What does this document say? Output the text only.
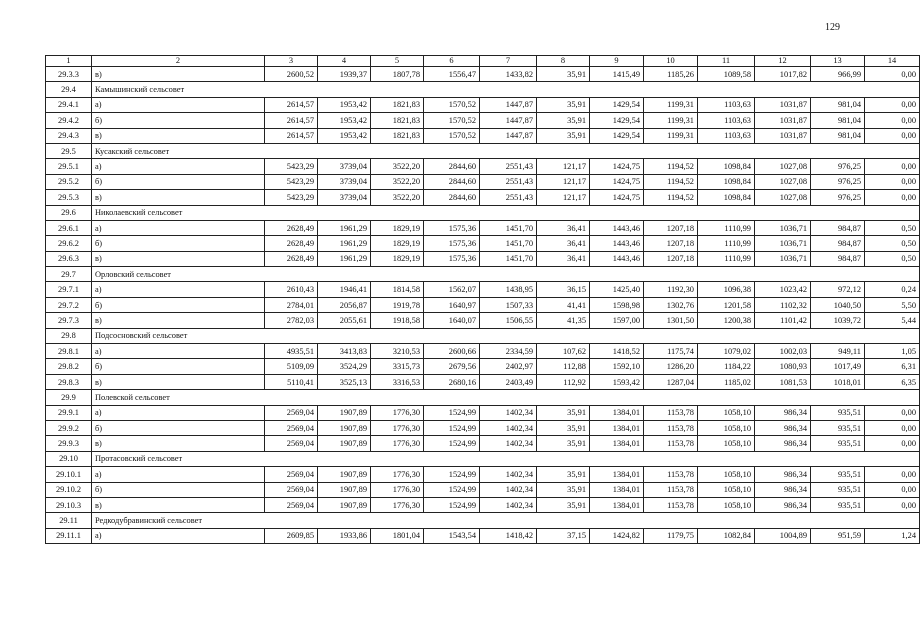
129
1	2	3	4	5	6	7	8	9	10	11	12	13	14
29.3.3	в)	2600,52	1939,37	1807,78	1556,47	1433,82	35,91	1415,49	1185,26	1089,58	1017,82	966,99	0,00
29.4	Камышинский сельсовет												
29.4.1	а)	2614,57	1953,42	1821,83	1570,52	1447,87	35,91	1429,54	1199,31	1103,63	1031,87	981,04	0,00
29.4.2	б)	2614,57	1953,42	1821,83	1570,52	1447,87	35,91	1429,54	1199,31	1103,63	1031,87	981,04	0,00
29.4.3	в)	2614,57	1953,42	1821,83	1570,52	1447,87	35,91	1429,54	1199,31	1103,63	1031,87	981,04	0,00
29.5	Кусакский сельсовет												
29.5.1	а)	5423,29	3739,04	3522,20	2844,60	2551,43	121,17	1424,75	1194,52	1098,84	1027,08	976,25	0,00
29.5.2	б)	5423,29	3739,04	3522,20	2844,60	2551,43	121,17	1424,75	1194,52	1098,84	1027,08	976,25	0,00
29.5.3	в)	5423,29	3739,04	3522,20	2844,60	2551,43	121,17	1424,75	1194,52	1098,84	1027,08	976,25	0,00
29.6	Николаевский сельсовет												
29.6.1	а)	2628,49	1961,29	1829,19	1575,36	1451,70	36,41	1443,46	1207,18	1110,99	1036,71	984,87	0,50
29.6.2	б)	2628,49	1961,29	1829,19	1575,36	1451,70	36,41	1443,46	1207,18	1110,99	1036,71	984,87	0,50
29.6.3	в)	2628,49	1961,29	1829,19	1575,36	1451,70	36,41	1443,46	1207,18	1110,99	1036,71	984,87	0,50
29.7	Орловский сельсовет												
29.7.1	а)	2610,43	1946,41	1814,58	1562,07	1438,95	36,15	1425,40	1192,30	1096,38	1023,42	972,12	0,24
29.7.2	б)	2784,01	2056,87	1919,78	1640,97	1507,33	41,41	1598,98	1302,76	1201,58	1102,32	1040,50	5,50
29.7.3	в)	2782,03	2055,61	1918,58	1640,07	1506,55	41,35	1597,00	1301,50	1200,38	1101,42	1039,72	5,44
29.8	Подсосновский сельсовет												
29.8.1	а)	4935,51	3413,83	3210,53	2600,66	2334,59	107,62	1418,52	1175,74	1079,02	1002,03	949,11	1,05
29.8.2	б)	5109,09	3524,29	3315,73	2679,56	2402,97	112,88	1592,10	1286,20	1184,22	1080,93	1017,49	6,31
29.8.3	в)	5110,41	3525,13	3316,53	2680,16	2403,49	112,92	1593,42	1287,04	1185,02	1081,53	1018,01	6,35
29.9	Полевской сельсовет												
29.9.1	а)	2569,04	1907,89	1776,30	1524,99	1402,34	35,91	1384,01	1153,78	1058,10	986,34	935,51	0,00
29.9.2	б)	2569,04	1907,89	1776,30	1524,99	1402,34	35,91	1384,01	1153,78	1058,10	986,34	935,51	0,00
29.9.3	в)	2569,04	1907,89	1776,30	1524,99	1402,34	35,91	1384,01	1153,78	1058,10	986,34	935,51	0,00
29.10	Протасовский сельсовет												
29.10.1	а)	2569,04	1907,89	1776,30	1524,99	1402,34	35,91	1384,01	1153,78	1058,10	986,34	935,51	0,00
29.10.2	б)	2569,04	1907,89	1776,30	1524,99	1402,34	35,91	1384,01	1153,78	1058,10	986,34	935,51	0,00
29.10.3	в)	2569,04	1907,89	1776,30	1524,99	1402,34	35,91	1384,01	1153,78	1058,10	986,34	935,51	0,00
29.11	Редкодубравинский сельсовет												
29.11.1	а)	2609,85	1933,86	1801,04	1543,54	1418,42	37,15	1424,82	1179,75	1082,84	1004,89	951,59	1,24
